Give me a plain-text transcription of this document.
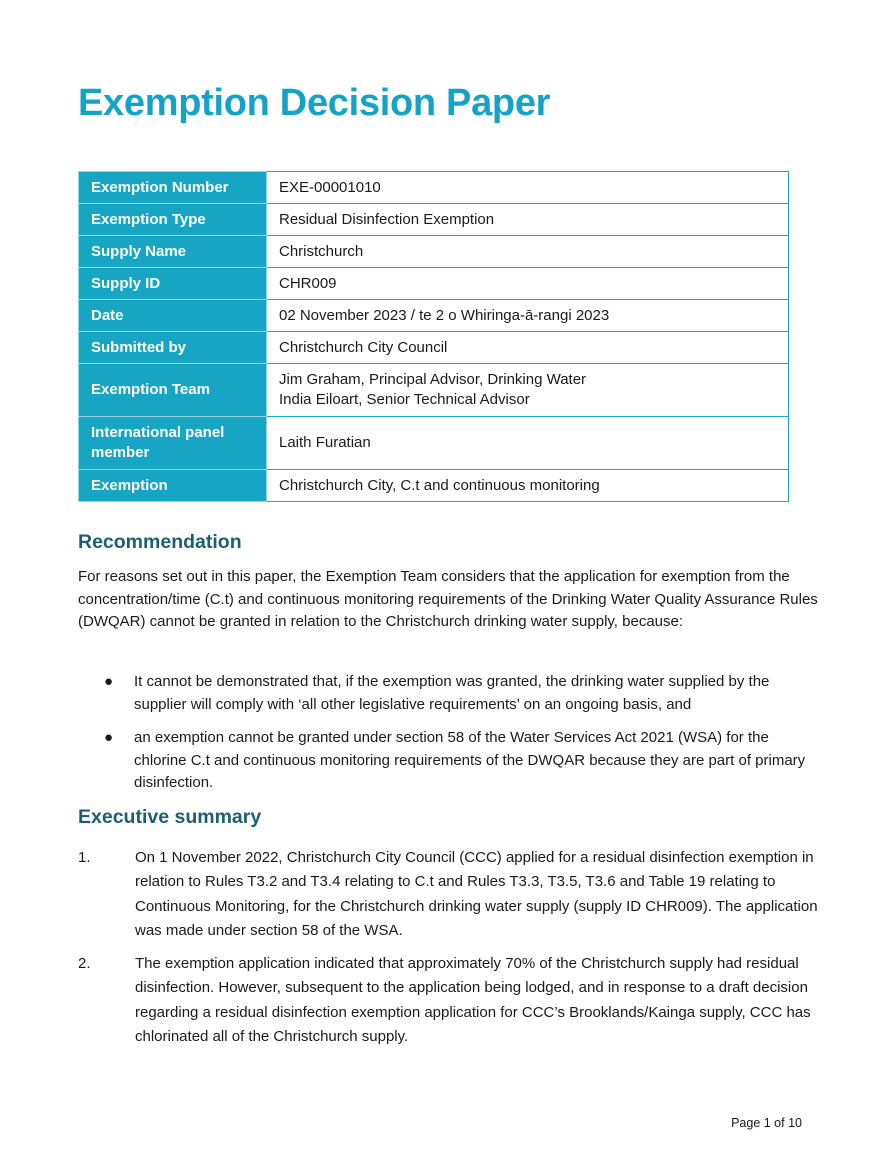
Exemption Decision Paper
Exemption Number	EXE-00001010

Exemption Type	Residual Disinfection Exemption

Supply Name	Christchurch

Supply ID	CHR009

Date	02 November 2023 / te 2 o Whiringa-ā-rangi 2023

Submitted by	Christchurch City Council

Exemption Team	Jim Graham, Principal Advisor, Drinking Water
India Eiloart, Senior Technical Advisor

International panel member	Laith Furatian

Exemption	Christchurch City, C.t and continuous monitoring
Recommendation

For reasons set out in this paper, the Exemption Team considers that the application for exemption from the concentration/time (C.t) and continuous monitoring requirements of the Drinking Water Quality Assurance Rules (DWQAR) cannot be granted in relation to the Christchurch drinking water supply, because:

●	It cannot be demonstrated that, if the exemption was granted, the drinking water supplied by the supplier will comply with ‘all other legislative requirements’ on an ongoing basis, and
●	an exemption cannot be granted under section 58 of the Water Services Act 2021 (WSA) for the chlorine C.t and continuous monitoring requirements of the DWQAR because they are part of primary disinfection.
Executive summary
1.	On 1 November 2022, Christchurch City Council (CCC) applied for a residual disinfection exemption in relation to Rules T3.2 and T3.4 relating to C.t and Rules T3.3, T3.5, T3.6 and Table 19 relating to Continuous Monitoring, for the Christchurch drinking water supply (supply ID CHR009). The application was made under section 58 of the WSA.
2.	The exemption application indicated that approximately 70% of the Christchurch supply had residual disinfection. However, subsequent to the application being lodged, and in response to a draft decision regarding a residual disinfection exemption application for CCC’s Brooklands/Kainga supply, CCC has chlorinated all of the Christchurch supply.
Page 1 of 10
